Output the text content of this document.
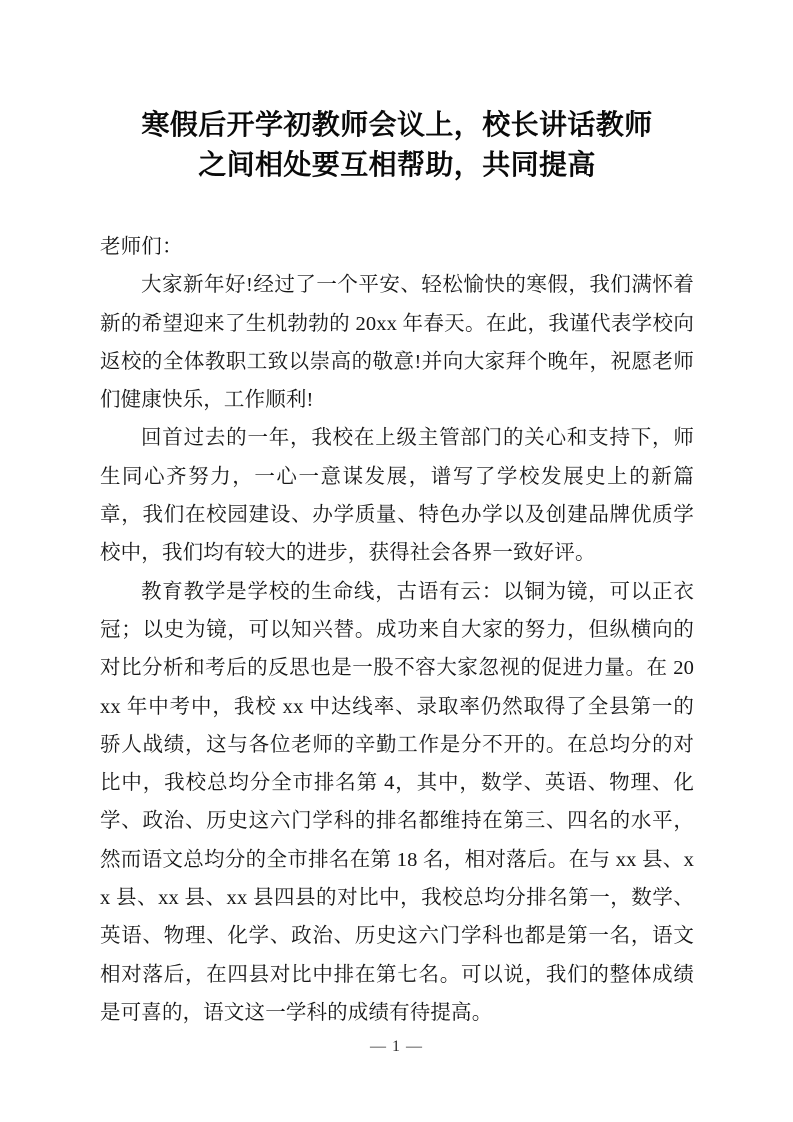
寒假后开学初教师会议上，校长讲话教师
之间相处要互相帮助，共同提高

老师们：

大家新年好!经过了一个平安、轻松愉快的寒假，我们满怀着新的希望迎来了生机勃勃的 20xx 年春天。在此，我谨代表学校向返校的全体教职工致以崇高的敬意!并向大家拜个晚年，祝愿老师们健康快乐，工作顺利!

回首过去的一年，我校在上级主管部门的关心和支持下，师生同心齐努力，一心一意谋发展，谱写了学校发展史上的新篇章，我们在校园建设、办学质量、特色办学以及创建品牌优质学校中，我们均有较大的进步，获得社会各界一致好评。

教育教学是学校的生命线，古语有云：以铜为镜，可以正衣冠；以史为镜，可以知兴替。成功来自大家的努力，但纵横向的对比分析和考后的反思也是一股不容大家忽视的促进力量。在 20xx 年中考中，我校 xx 中达线率、录取率仍然取得了全县第一的骄人战绩，这与各位老师的辛勤工作是分不开的。在总均分的对比中，我校总均分全市排名第 4，其中，数学、英语、物理、化学、政治、历史这六门学科的排名都维持在第三、四名的水平，然而语文总均分的全市排名在第 18 名，相对落后。在与 xx 县、xx 县、xx 县、xx 县四县的对比中，我校总均分排名第一，数学、英语、物理、化学、政治、历史这六门学科也都是第一名，语文相对落后，在四县对比中排在第七名。可以说，我们的整体成绩是可喜的，语文这一学科的成绩有待提高。

— 1 —
